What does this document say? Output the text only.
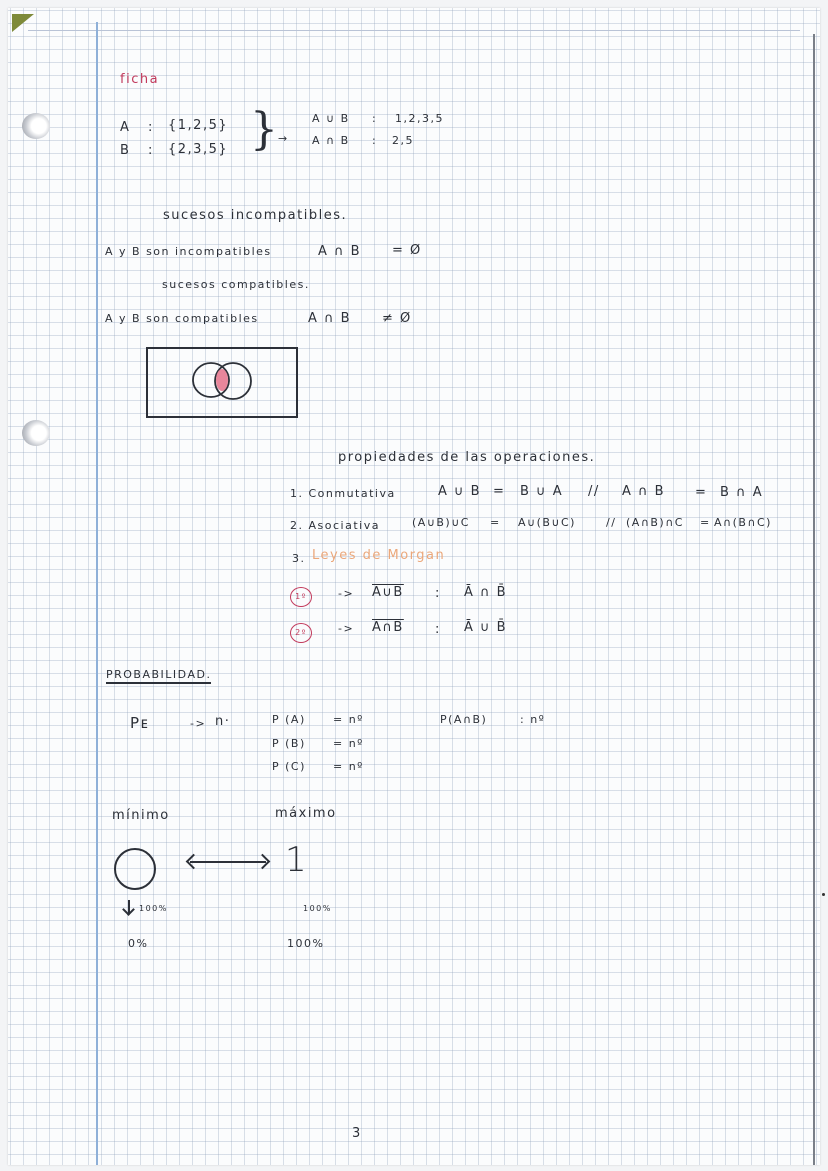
ficha
A : {1,2,5}
B : {2,3,5} } →
A ∪ B : 1,2,3,5
A ∩ B : 2,5
sucesos incompatibles.
A y B son incompatibles	A ∩ B = Ø
sucesos compatibles.
A y B son compatibles	A ∩ B ≠ Ø
propiedades de las operaciones.
1. Conmutativa	A ∪ B = B ∪ A // A ∩ B = B ∩ A
2. Asociativa	(A∪B)∪C = A∪(B∪C)	// (A∩B)∩C = A∩(B∩C)
3. Leyes de Morgan
1º	-> A∪B : Ā ∩ B̄
2º	-> A∩B : Ā ∪ B̄
PROBABILIDAD.
Pᴇ	-> n·	P (A) = nº
P (B) = nº
P (C) = nº
P(A∩B)	: nº
mínimo	máximo
1
100%	100%
0%	100%
3
